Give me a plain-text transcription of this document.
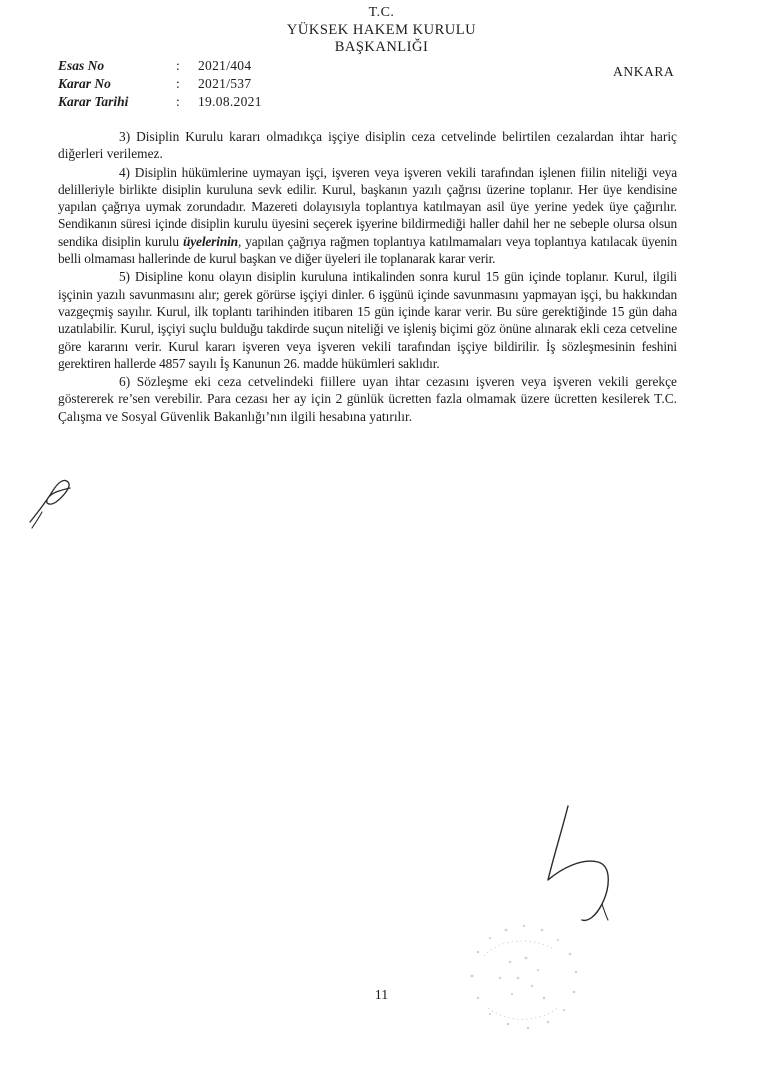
T.C.
YÜKSEK HAKEM KURULU
BAŞKANLIĞI
Esas No	:	2021/404
Karar No	:	2021/537
Karar Tarihi	:	19.08.2021
ANKARA

3) Disiplin Kurulu kararı olmadıkça işçiye disiplin ceza cetvelinde belirtilen cezalardan ihtar hariç diğerleri verilemez.

4) Disiplin hükümlerine uymayan işçi, işveren veya işveren vekili tarafından işlenen fiilin niteliği veya delilleriyle birlikte disiplin kuruluna sevk edilir. Kurul, başkanın yazılı çağrısı üzerine toplanır. Her üye kendisine yapılan çağrıya uymak zorundadır. Mazereti dolayısıyla toplantıya katılmayan asil üye yerine yedek üye çağırılır. Sendikanın süresi içinde disiplin kurulu üyesini seçerek işyerine bildirmediği haller dahil her ne sebeple olursa olsun sendika disiplin kurulu üyelerinin, yapılan çağrıya rağmen toplantıya katılmamaları veya toplantıya katılacak üyenin belli olmaması hallerinde de kurul başkan ve diğer üyeleri ile toplanarak karar verir.

5) Disipline konu olayın disiplin kuruluna intikalinden sonra kurul 15 gün içinde toplanır. Kurul, ilgili işçinin yazılı savunmasını alır; gerek görürse işçiyi dinler. 6 işgünü içinde savunmasını yapmayan işçi, bu hakkından vazgeçmiş sayılır. Kurul, ilk toplantı tarihinden itibaren 15 gün içinde karar verir. Bu süre gerektiğinde 15 gün daha uzatılabilir. Kurul, işçiyi suçlu bulduğu takdirde suçun niteliği ve işleniş biçimi göz önüne alınarak ekli ceza cetveline göre kararını verir. Kurul kararı işveren veya işveren vekili tarafından işçiye bildirilir. İş sözleşmesinin feshini gerektiren hallerde 4857 sayılı İş Kanunun 26. madde hükümleri saklıdır.

6) Sözleşme eki ceza cetvelindeki fiillere uyan ihtar cezasını işveren veya işveren vekili gerekçe göstererek re’sen verebilir. Para cezası her ay için 2 günlük ücretten fazla olmamak üzere ücretten kesilerek T.C. Çalışma ve Sosyal Güvenlik Bakanlığı’nın ilgili hesabına yatırılır.

11
